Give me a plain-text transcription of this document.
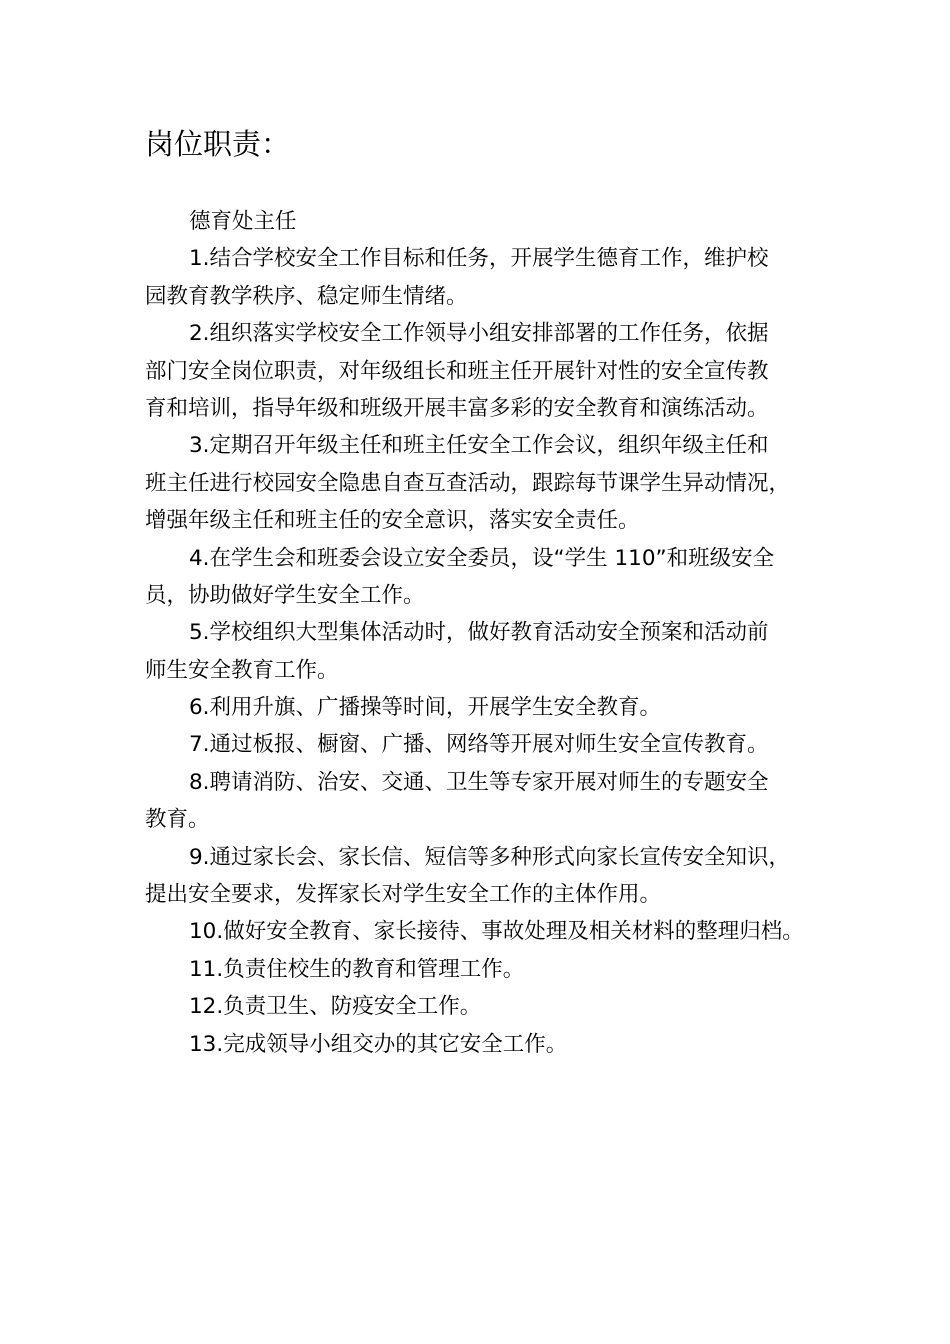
岗位职责：
德育处主任
1.结合学校安全工作目标和任务，开展学生德育工作，维护校
园教育教学秩序、稳定师生情绪。
2.组织落实学校安全工作领导小组安排部署的工作任务，依据
部门安全岗位职责，对年级组长和班主任开展针对性的安全宣传教
育和培训，指导年级和班级开展丰富多彩的安全教育和演练活动。
3.定期召开年级主任和班主任安全工作会议，组织年级主任和
班主任进行校园安全隐患自查互查活动，跟踪每节课学生异动情况，
增强年级主任和班主任的安全意识，落实安全责任。
4.在学生会和班委会设立安全委员，设“学生 110”和班级安全
员，协助做好学生安全工作。
5.学校组织大型集体活动时，做好教育活动安全预案和活动前
师生安全教育工作。
6.利用升旗、广播操等时间，开展学生安全教育。
7.通过板报、橱窗、广播、网络等开展对师生安全宣传教育。
8.聘请消防、治安、交通、卫生等专家开展对师生的专题安全
教育。
9.通过家长会、家长信、短信等多种形式向家长宣传安全知识，
提出安全要求，发挥家长对学生安全工作的主体作用。
10.做好安全教育、家长接待、事故处理及相关材料的整理归档。
11.负责住校生的教育和管理工作。
12.负责卫生、防疫安全工作。
13.完成领导小组交办的其它安全工作。
